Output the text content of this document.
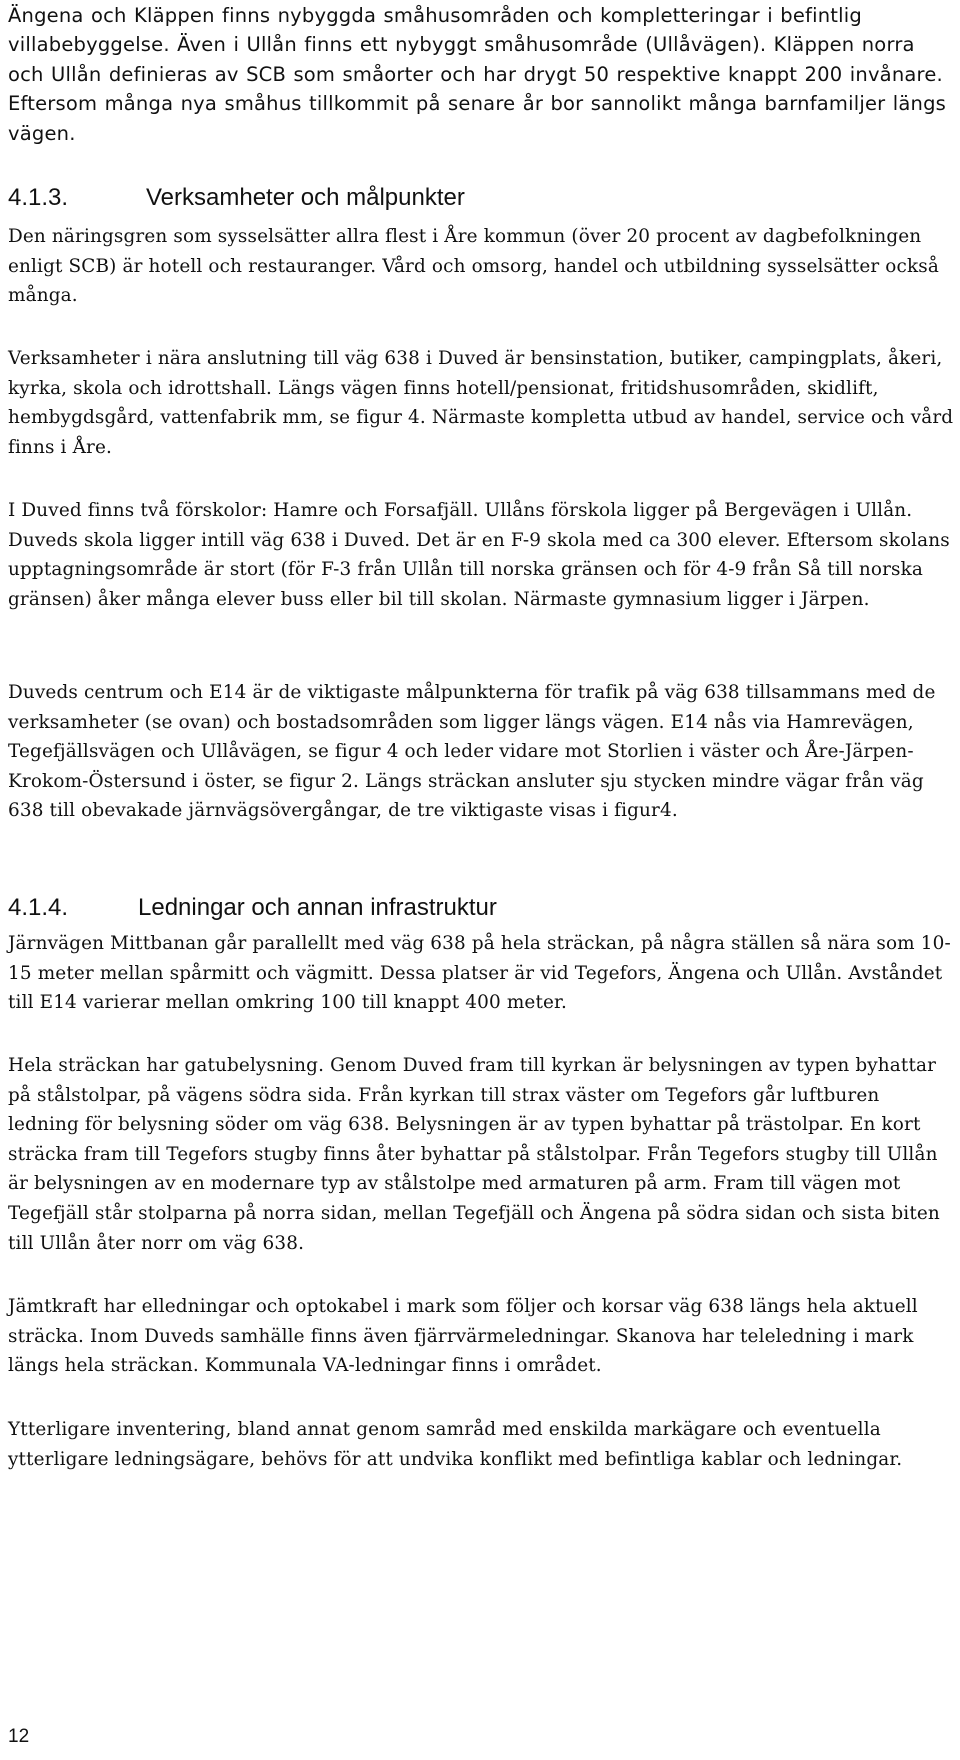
Ängena och Kläppen finns nybyggda småhusområden och kompletteringar i befintlig villabebyggelse. Även i Ullån finns ett nybyggt småhusområde (Ullåvägen). Kläppen norra och Ullån definieras av SCB som småorter och har drygt 50 respektive knappt 200 invånare. Eftersom många nya småhus tillkommit på senare år bor sannolikt många barnfamiljer längs vägen.

4.1.3.	Verksamheter och målpunkter

Den näringsgren som sysselsätter allra flest i Åre kommun (över 20 procent av dagbefolkningen enligt SCB) är hotell och restauranger. Vård och omsorg, handel och utbildning sysselsätter också många.

Verksamheter i nära anslutning till väg 638 i Duved är bensinstation, butiker, campingplats, åkeri, kyrka, skola och idrottshall. Längs vägen finns hotell/pensionat, fritidshusområden, skidlift, hembygdsgård, vattenfabrik mm, se figur 4. Närmaste kompletta utbud av handel, service och vård finns i Åre.

I Duved finns två förskolor: Hamre och Forsafjäll. Ullåns förskola ligger på Bergevägen i Ullån. Duveds skola ligger intill väg 638 i Duved. Det är en F-9 skola med ca 300 elever. Eftersom skolans upptagningsområde är stort (för F-3 från Ullån till norska gränsen och för 4-9 från Så till norska gränsen) åker många elever buss eller bil till skolan. Närmaste gymnasium ligger i Järpen.

Duveds centrum och E14 är de viktigaste målpunkterna för trafik på väg 638 tillsammans med de verksamheter (se ovan) och bostadsområden som ligger längs vägen. E14 nås via Hamrevägen, Tegefjällsvägen och Ullåvägen, se figur 4 och leder vidare mot Storlien i väster och Åre-Järpen-Krokom-Östersund i öster, se figur 2. Längs sträckan ansluter sju stycken mindre vägar från väg 638 till obevakade järnvägsövergångar, de tre viktigaste visas i figur4.

4.1.4.	Ledningar och annan infrastruktur

Järnvägen Mittbanan går parallellt med väg 638 på hela sträckan, på några ställen så nära som 10-15 meter mellan spårmitt och vägmitt. Dessa platser är vid Tegefors, Ängena och Ullån. Avståndet till E14 varierar mellan omkring 100 till knappt 400 meter.

Hela sträckan har gatubelysning. Genom Duved fram till kyrkan är belysningen av typen byhattar på stålstolpar, på vägens södra sida. Från kyrkan till strax väster om Tegefors går luftburen ledning för belysning söder om väg 638. Belysningen är av typen byhattar på trästolpar. En kort sträcka fram till Tegefors stugby finns åter byhattar på stålstolpar. Från Tegefors stugby till Ullån är belysningen av en modernare typ av stålstolpe med armaturen på arm. Fram till vägen mot Tegefjäll står stolparna på norra sidan, mellan Tegefjäll och Ängena på södra sidan och sista biten till Ullån åter norr om väg 638.

Jämtkraft har elledningar och optokabel i mark som följer och korsar väg 638 längs hela aktuell sträcka. Inom Duveds samhälle finns även fjärrvärmeledningar. Skanova har teleledning i mark längs hela sträckan. Kommunala VA-ledningar finns i området.

Ytterligare inventering, bland annat genom samråd med enskilda markägare och eventuella ytterligare ledningsägare, behövs för att undvika konflikt med befintliga kablar och ledningar.

12
